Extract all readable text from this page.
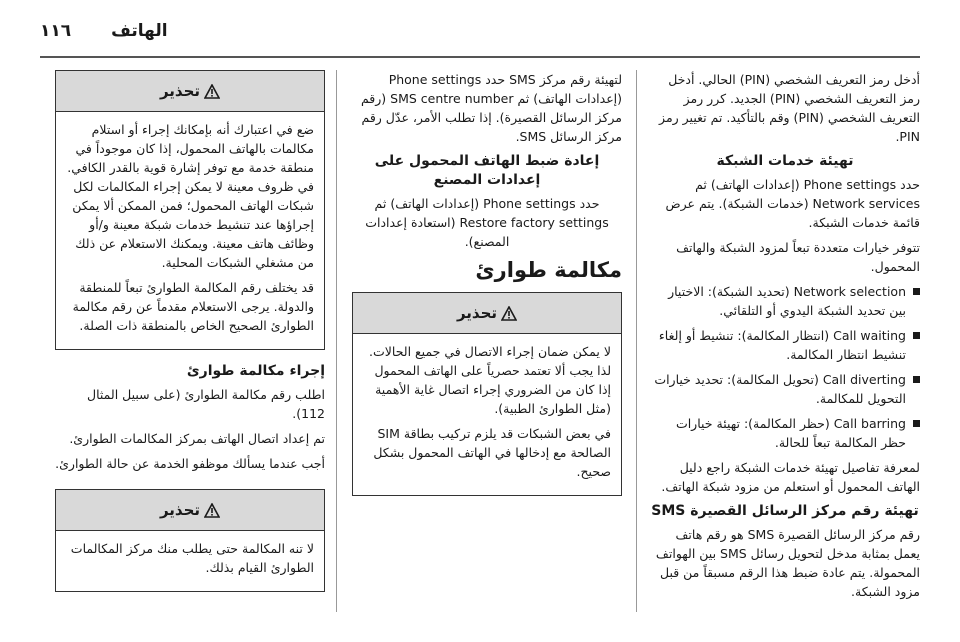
١١٦ الهاتف

أدخل رمز التعريف الشخصي (PIN) الحالي. أدخل رمز التعريف الشخصي (PIN) الجديد. كرر رمز التعريف الشخصي (PIN) وقم بالتأكيد. تم تغيير رمز PIN.

تهيئة خدمات الشبكة

حدد Phone settings (إعدادات الهاتف) ثم Network services (خدمات الشبكة). يتم عرض قائمة خدمات الشبكة.

تتوفر خيارات متعددة تبعاً لمزود الشبكة والهاتف المحمول.

Network selection (تحديد الشبكة): الاختيار بين تحديد الشبكة اليدوي أو التلقائي.
Call waiting (انتظار المكالمة): تنشيط أو إلغاء تنشيط انتظار المكالمة.
Call diverting (تحويل المكالمة): تحديد خيارات التحويل للمكالمة.
Call barring (حظر المكالمة): تهيئة خيارات حظر المكالمة تبعاً للحالة.

لمعرفة تفاصيل تهيئة خدمات الشبكة راجع دليل الهاتف المحمول أو استعلم من مزود شبكة الهاتف.

تهيئة رقم مركز الرسائل القصيرة SMS

رقم مركز الرسائل القصيرة SMS هو رقم هاتف يعمل بمثابة مدخل لتحويل رسائل SMS بين الهواتف المحمولة. يتم عادة ضبط هذا الرقم مسبقاً من قبل مزود الشبكة.

لتهيئة رقم مركز SMS حدد Phone settings (إعدادات الهاتف) ثم SMS centre number (رقم مركز الرسائل القصيرة). إذا تطلب الأمر، عدّل رقم مركز الرسائل SMS.

إعادة ضبط الهاتف المحمول على إعدادات المصنع

حدد Phone settings (إعدادات الهاتف) ثم Restore factory settings (استعادة إعدادات المصنع).

مكالمة طوارئ

تحذير

لا يمكن ضمان إجراء الاتصال في جميع الحالات. لذا يجب ألا تعتمد حصرياً على الهاتف المحمول إذا كان من الضروري إجراء اتصال غاية الأهمية (مثل الطوارئ الطبية).

في بعض الشبكات قد يلزم تركيب بطاقة SIM الصالحة مع إدخالها في الهاتف المحمول بشكل صحيح.

تحذير

ضع في اعتبارك أنه بإمكانك إجراء أو استلام مكالمات بالهاتف المحمول، إذا كان موجوداً في منطقة خدمة مع توفر إشارة قوية بالقدر الكافي. في ظروف معينة لا يمكن إجراء المكالمات لكل شبكات الهاتف المحمول؛ فمن الممكن ألا يمكن إجراؤها عند تنشيط خدمات شبكة معينة و/أو وظائف هاتف معينة. ويمكنك الاستعلام عن ذلك من مشغلي الشبكات المحلية.

قد يختلف رقم المكالمة الطوارئ تبعاً للمنطقة والدولة. يرجى الاستعلام مقدماً عن رقم مكالمة الطوارئ الصحيح الخاص بالمنطقة ذات الصلة.

إجراء مكالمة طوارئ

اطلب رقم مكالمة الطوارئ (على سبيل المثال 112).

تم إعداد اتصال الهاتف بمركز المكالمات الطوارئ.

أجب عندما يسألك موظفو الخدمة عن حالة الطوارئ.

تحذير

لا تنه المكالمة حتى يطلب منك مركز المكالمات الطوارئ القيام بذلك.
